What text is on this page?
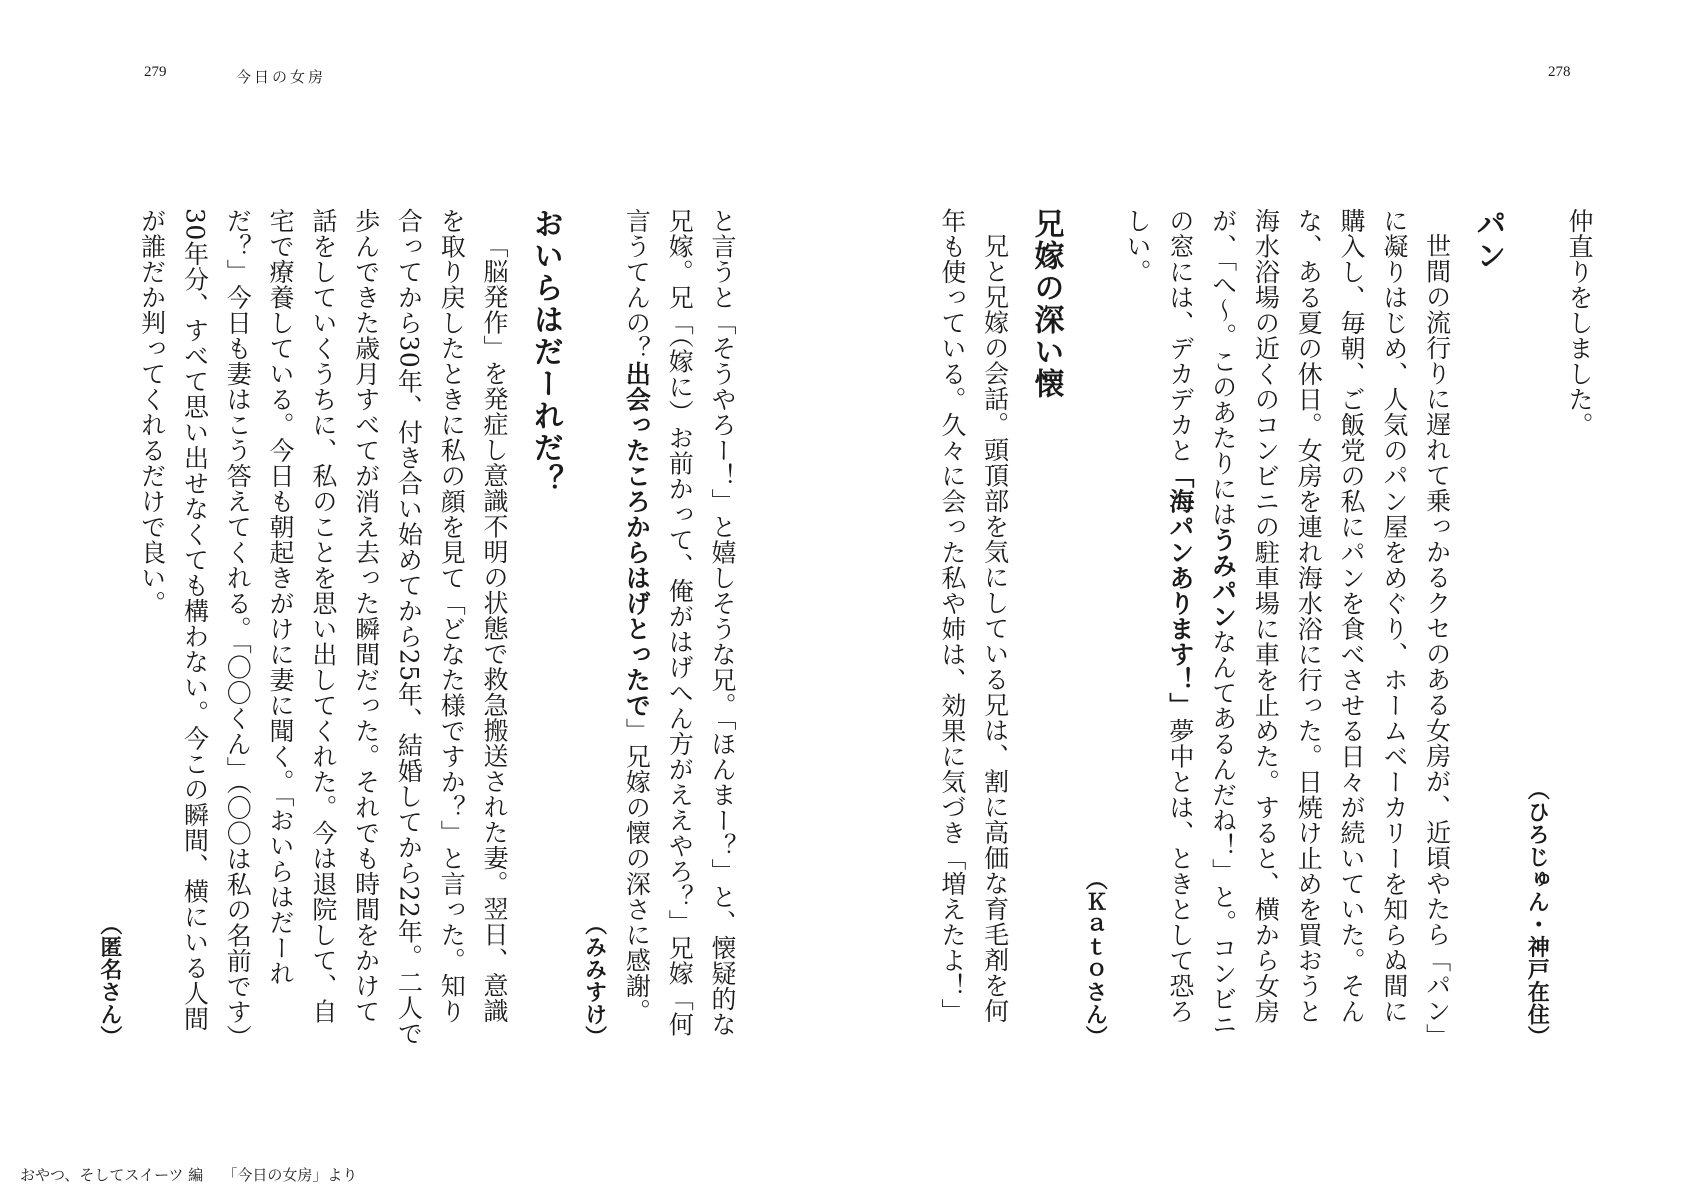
279	今日の女房	278

仲直りをしました。

（ひろじゅん・神戸在住）

パン

世間の流行りに遅れて乗っかるクセのある女房が、近頃やたら「パン」に凝りはじめ、人気のパン屋をめぐり、ホームベーカリーを知らぬ間に購入し、毎朝、ご飯党の私にパンを食べさせる日々が続いていた。そんな、ある夏の休日。女房を連れ海水浴に行った。日焼け止めを買おうと海水浴場の近くのコンビニの駐車場に車を止めた。すると、横から女房が、「へ～。このあたりにはうみパンなんてあるんだね！」と。コンビニの窓には、デカデカと「海パンあります！」夢中とは、ときとして恐ろしい。

（Ｋａｔｏさん）

兄嫁の深い懐

兄と兄嫁の会話。頭頂部を気にしている兄は、割に高価な育毛剤を何年も使っている。久々に会った私や姉は、効果に気づき「増えたよ！」

と言うと「そうやろー！」と嬉しそうな兄。「ほんまー？」と、懐疑的な兄嫁。兄「（嫁に）お前かって、俺がはげへん方がええやろ？」兄嫁「何言うてんの？出会ったころからはげとったで」兄嫁の懐の深さに感謝。

（みみすけ）

おいらはだーれだ？

「脳発作」を発症し意識不明の状態で救急搬送された妻。翌日、意識を取り戻したときに私の顔を見て「どなた様ですか？」と言った。知り合ってから30年、付き合い始めてから25年、結婚してから22年。二人で歩んできた歳月すべてが消え去った瞬間だった。それでも時間をかけて話をしていくうちに、私のことを思い出してくれた。今は退院して、自宅で療養している。今日も朝起きがけに妻に聞く。「おいらはだーれだ？」今日も妻はこう答えてくれる。「〇〇くん」（〇〇は私の名前です）30年分、すべて思い出せなくても構わない。今この瞬間、横にいる人間が誰だか判ってくれるだけで良い。

（匿名さん）

おやつ、そしてスイーツ 編 「今日の女房」より
